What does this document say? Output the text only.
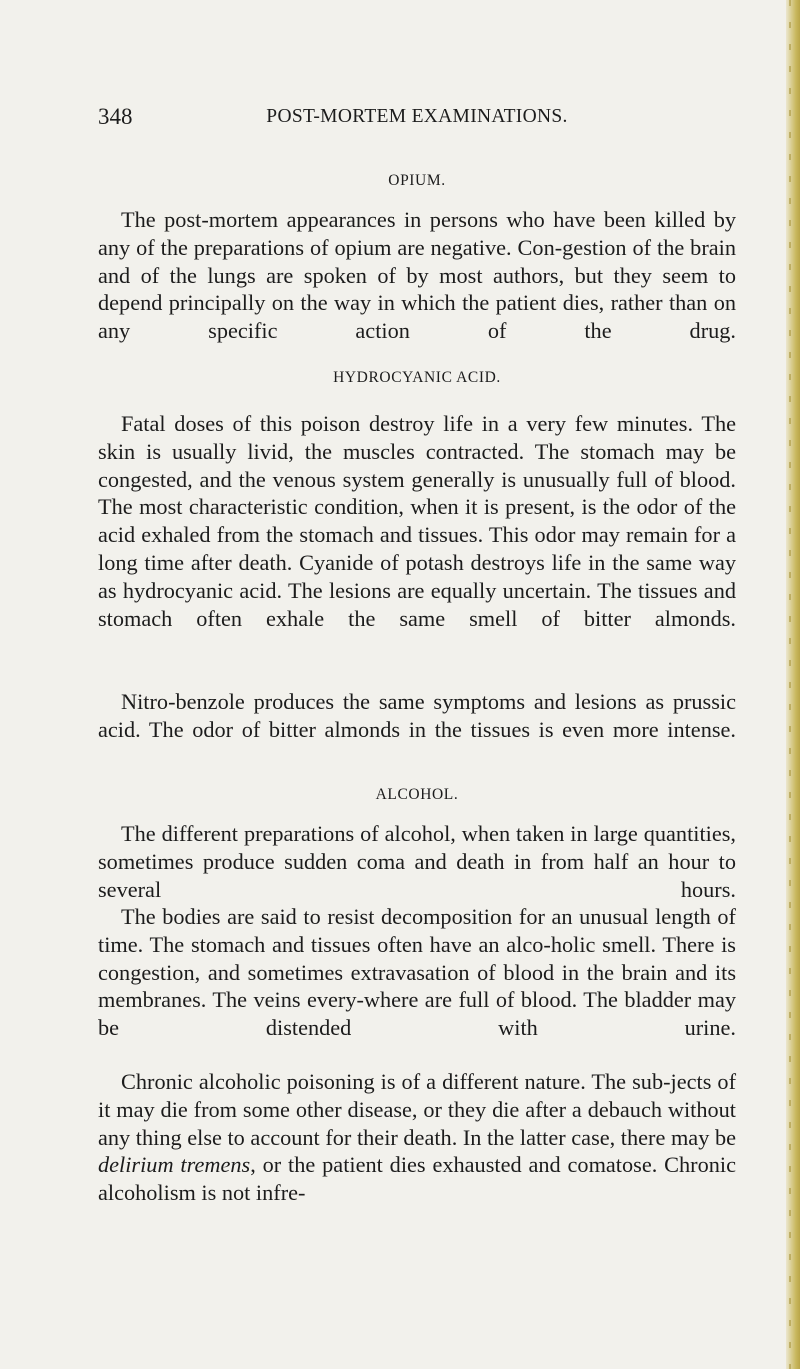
348	POST-MORTEM EXAMINATIONS.
OPIUM.

The post-mortem appearances in persons who have been killed by any of the preparations of opium are negative. Con-gestion of the brain and of the lungs are spoken of by most authors, but they seem to depend principally on the way in which the patient dies, rather than on any specific action of the drug.

HYDROCYANIC ACID.

Fatal doses of this poison destroy life in a very few minutes. The skin is usually livid, the muscles contracted. The stomach may be congested, and the venous system generally is unusually full of blood. The most characteristic condition, when it is present, is the odor of the acid exhaled from the stomach and tissues. This odor may remain for a long time after death. Cyanide of potash destroys life in the same way as hydrocyanic acid. The lesions are equally uncertain. The tissues and stomach often exhale the same smell of bitter almonds.

Nitro-benzole produces the same symptoms and lesions as prussic acid. The odor of bitter almonds in the tissues is even more intense.

ALCOHOL.

The different preparations of alcohol, when taken in large quantities, sometimes produce sudden coma and death in from half an hour to several hours.

The bodies are said to resist decomposition for an unusual length of time. The stomach and tissues often have an alco-holic smell. There is congestion, and sometimes extravasation of blood in the brain and its membranes. The veins every-where are full of blood. The bladder may be distended with urine.

Chronic alcoholic poisoning is of a different nature. The sub-jects of it may die from some other disease, or they die after a debauch without any thing else to account for their death. In the latter case, there may be delirium tremens, or the patient dies exhausted and comatose. Chronic alcoholism is not infre-
